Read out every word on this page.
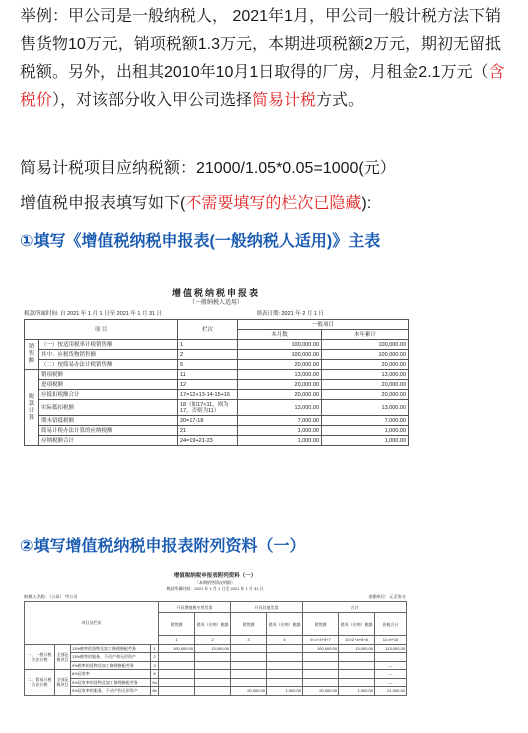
举例：甲公司是一般纳税人， 2021年1月，甲公司一般计税方法下销售货物10万元，销项税额1.3万元，本期进项税额2万元，期初无留抵税额。另外，出租其2010年10月1日取得的厂房，月租金2.1万元（含税价），对该部分收入甲公司选择简易计税方式。
简易计税项目应纳税额：21000/1.05*0.05=1000(元）
增值税申报表填写如下(不需要填写的栏次已隐藏):
①填写《增值税纳税申报表(一般纳税人适用)》主表
增值税纳税申报表
（一般纳税人适用）
税款所属时间: 自 2021 年 1 月 1 日至 2021 年 1 月 31 日	填表日期: 2021 年 2 月 1 日
项 目		栏次	一般项目	
			本月数	本年累计
销售额	（一）按适用税率计税销售额	1	100,000.00	100,000.00
	其中：应税货物销售额	2	100,000.00	100,000.00
	（二）按简易办法计税销售额	5	20,000.00	20,000.00
税款计算	销项税额	11	13,000.00	13,000.00
	进项税额	12	20,000.00	20,000.00
	应抵扣税额合计	17=12+13-14-15+16	20,000.00	20,000.00
	实际抵扣税额	18（如17<11，则为17，否则为11）	13,000.00	13,000.00
	期末留抵税额	20=17-18	7,000.00	7,000.00
	简易计税办法计算的应纳税额	21	1,000.00	1,000.00
	应纳税额合计	24=19+21-23	1,000.00	1,000.00
②填写增值税纳税申报表附列资料（一）
增值税纳税申报表附列资料（一）
（本期销售情况明细）
税款所属时间：2021 年 1 月 1 日至 2021 年 1 月 31 日
纳税人名称：（公章） 甲公司	金额单位：元至角分
项目及栏次				开具增值税专用发票		开具其他发票		合计		
				销售额	销项（应纳）税额	销售额	销项（应纳）税额	销售额	销项（应纳）税额	价税合计
				1	2	3	4	9=1+3+5+7	10=2+4+6+8	11=9+10
一、一般计税方法计税	全部征税项目	13%税率的货物及加工修理修配劳务	1	100,000.00	13,000.00			100,000.00	13,000.00	113,000.00
		13%税率的服务、不动产和无形资产	2							
		9%税率的货物及加工修理修配劳务	3							—
二、简易计税方法计税	全部征税项目	6%征收率	8							—
		5%征收率的货物及加工修理修配劳务	9a							—
		5%征收率的服务、不动产和无形资产	9b			20,000.00	1,000.00	20,000.00	1,000.00	21,000.00
